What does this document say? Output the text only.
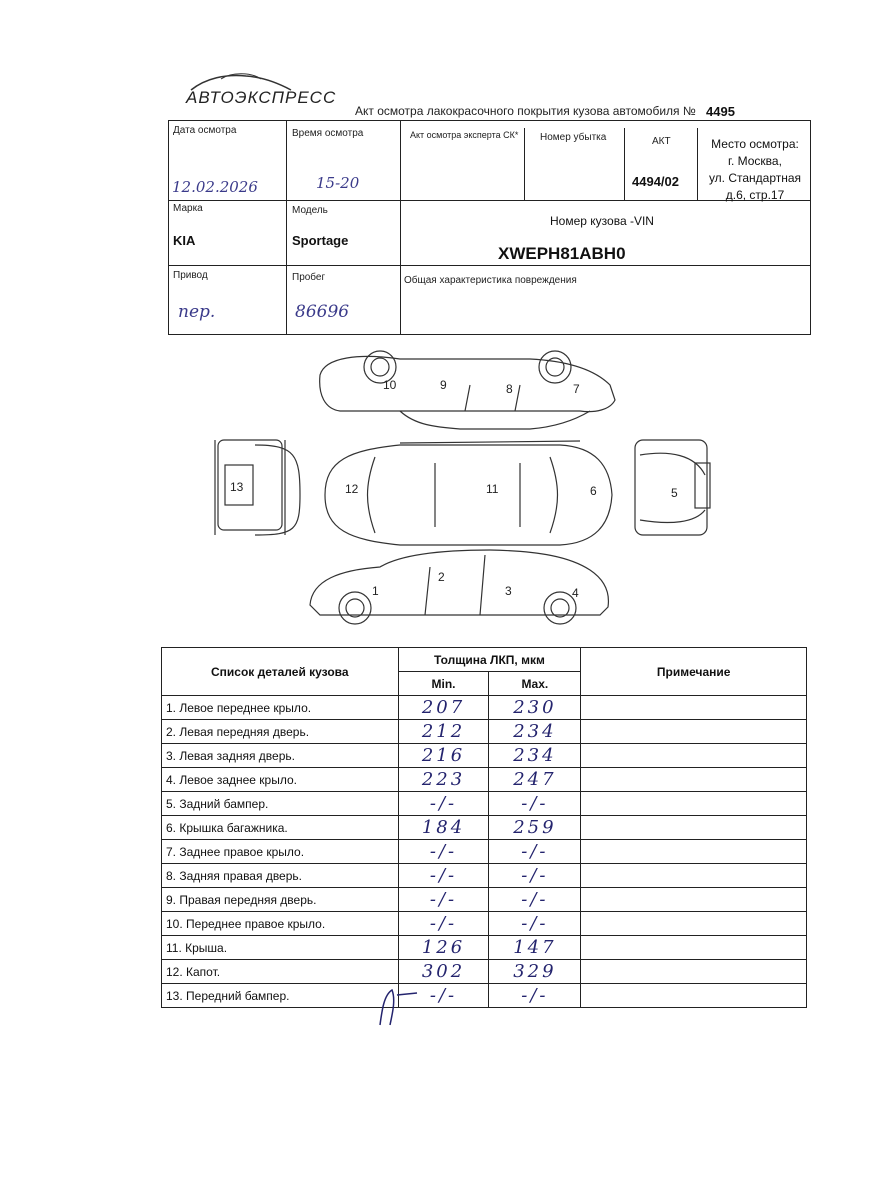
АВТОЭКСПРЕСС
Акт осмотра лакокрасочного покрытия кузова автомобиля № 4495
Дата осмотра
12.02.2026
Время осмотра
15-20
Акт осмотра эксперта СК* Номер убытка	АКТ
4494/02
Место осмотра:
г. Москва,
ул. Стандартная
д.6, стр.17
Марка
KIA
Модель
Sportage
Номер кузова -VIN
XWEPH81ABH0
Привод
пер.
Пробег
86696
Общая характеристика повреждения
10	9	8	7
13	12	11	6	5
1
2
3	4
Список деталей кузова	Толщина ЛКП, мкм		Примечание
	Min.	Max.	
1. Левое переднее крыло.	207	230	
2. Левая передняя дверь.	212	234	
3. Левая задняя дверь.	216	234	
4. Левое заднее крыло.	223	247	
5. Задний бампер.	-/-	-/-	
6. Крышка багажника.	184	259	
7. Заднее правое крыло.	-/-	-/-	
8. Задняя правая дверь.	-/-	-/-	
9. Правая передняя дверь.	-/-	-/-	
10. Переднее правое крыло.	-/-	-/-	
11. Крыша.	126	147	
12. Капот.	302	329	
13. Передний бампер.	-/-	-/-	
